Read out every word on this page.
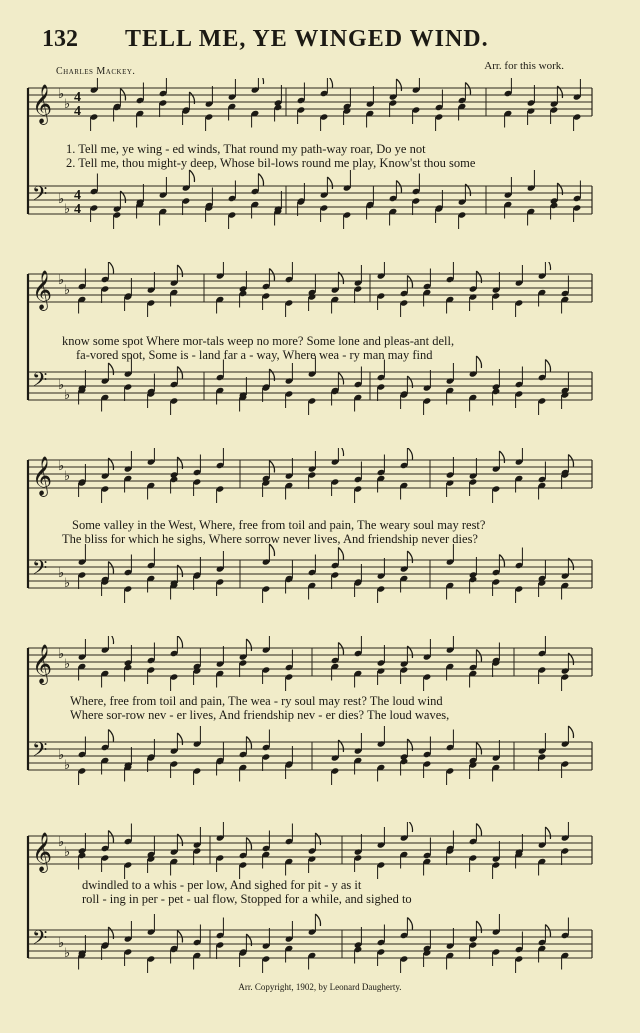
132 TELL ME, YE WINGED WIND.
Charles Mackey.	Arr. for this work.
𝄞 ♭
♭ 4
4
𝄢 ♭
♭
4
4
1. Tell me, ye wing - ed winds, That round my path-way roar, Do ye not
2. Tell me, thou might-y deep, Whose bil-lows round me play, Know'st thou some
𝄞 ♭
♭
𝄢 ♭
♭
know some spot Where mor-tals weep no more? Some lone and pleas-ant dell,
fa-vored spot, Some is - land far a - way, Where wea - ry man may find
𝄞 ♭
♭
𝄢 ♭
♭
Some valley in the West, Where, free from toil and pain, The weary soul may rest?
The bliss for which he sighs, Where sorrow never lives, And friendship never dies?
𝄞 ♭
♭
𝄢 ♭
♭
Where, free from toil and pain, The wea - ry soul may rest? The loud wind
Where sor-row nev - er lives, And friendship nev - er dies? The loud waves,
𝄞 ♭
♭
𝄢 ♭
♭
dwindled to a whis - per low, And sighed for pit - y as it
roll - ing in per - pet - ual flow, Stopped for a while, and sighed to
Arr. Copyright, 1902, by Leonard Daugherty.
